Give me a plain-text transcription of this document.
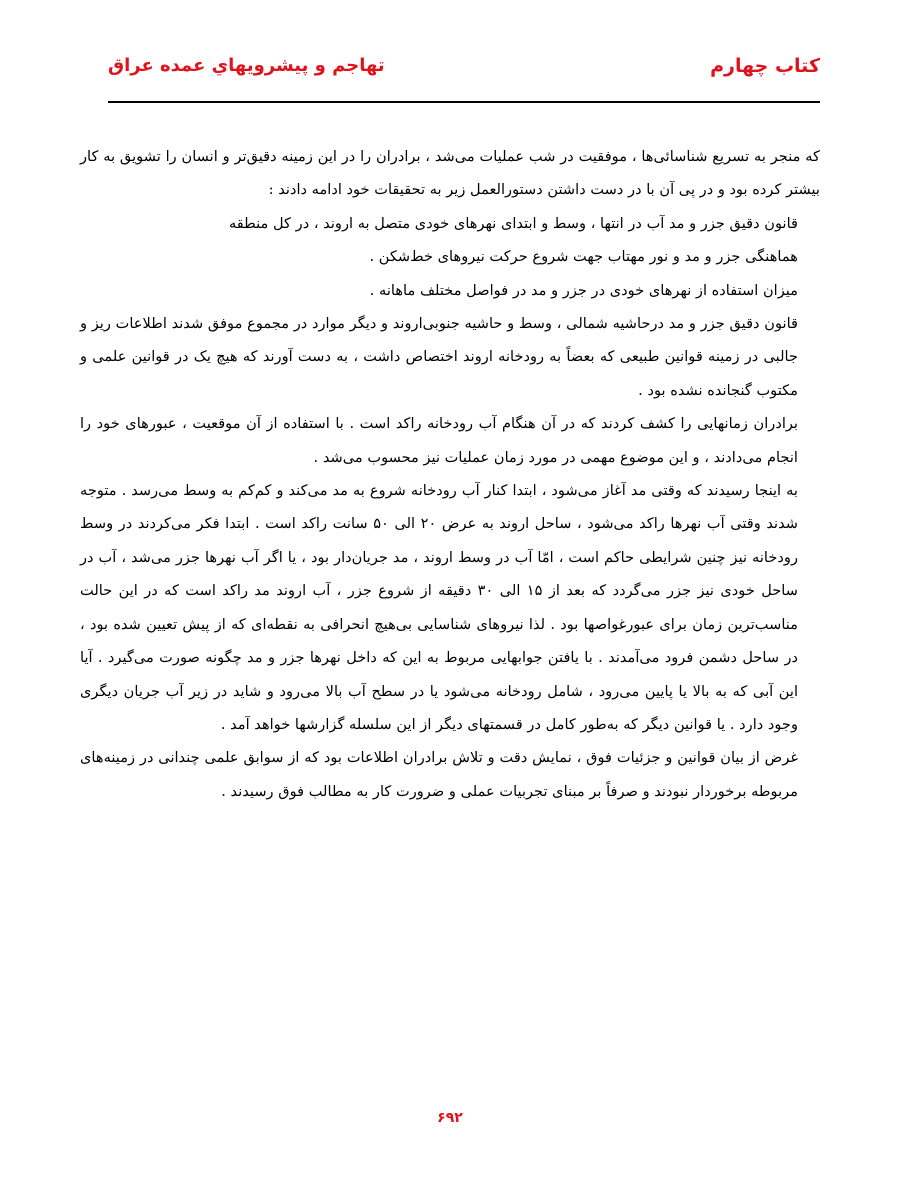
کتاب چهارم
تهاجم و پیشرویهاي عمده عراق

که منجر به تسریع شناسائی‌ها ، موفقیت در شب عملیات می‌شد ، برادران را در این زمینه دقیق‌تر و انسان را تشویق به کار بیشتر کرده بود و در پی آن با در دست داشتن دستورالعمل زیر به تحقیقات خود ادامه دادند :

قانون دقیق جزر و مد آب در انتها ، وسط و ابتدای نهرهای خودی متصل به اروند ، در کل منطقه

هماهنگی جزر و مد و نور مهتاب جهت شروع حرکت نیروهای خط‌شکن .

میزان استفاده از نهرهای خودی در جزر و مد در فواصل مختلف ماهانه .

قانون دقیق جزر و مد درحاشیه شمالی ، وسط و حاشیه جنوبی‌اروند و دیگر موارد در مجموع موفق شدند اطلاعات ریز و جالبی در زمینه قوانین طبیعی که بعضاً به رودخانه اروند اختصاص داشت ، به دست آورند که هیچ یک در قوانین علمی و مکتوب گنجانده نشده بود .

برادران زمانهایی را کشف کردند که در آن هنگام آب رودخانه راکد است . با استفاده از آن موقعیت ، عبورهای خود را انجام می‌دادند ، و این موضوع مهمی در مورد زمان عملیات نیز محسوب می‌شد .

به اینجا رسیدند که وقتی مد آغاز می‌شود ، ابتدا کنار آب رودخانه شروع به مد می‌کند و کم‌کم به وسط می‌رسد . متوجه شدند وقتی آب نهرها راکد می‌شود ، ساحل اروند به عرض ۲۰ الی ۵۰ سانت راکد است . ابتدا فکر می‌کردند در وسط رودخانه نیز چنین شرایطی حاکم است ، امّا آب در وسط اروند ، مد جریان‌دار بود ، یا اگر آب نهرها جزر می‌شد ، آب در ساحل خودی نیز جزر می‌گردد که بعد از ۱۵ الی ۳۰ دقیقه از شروع جزر ، آب اروند مد راکد است که در این حالت مناسب‌ترین زمان برای عبورغواصها بود . لذا نیروهای شناسایی بی‌هیچ انحرافی به نقطه‌ای که از پیش تعیین شده بود ، در ساحل دشمن فرود می‌آمدند . با یافتن جوابهایی مربوط به این که داخل نهرها جزر و مد چگونه صورت می‌گیرد . آیا این آبی که به بالا یا پایین می‌رود ، شامل رودخانه می‌شود یا در سطح آب بالا می‌رود و شاید در زیر آب جریان دیگری وجود دارد . یا قوانین دیگر که به‌طور کامل در قسمتهای دیگر از این سلسله گزارشها خواهد آمد .

غرض از بیان قوانین و جزئیات فوق ، نمایش دقت و تلاش برادران اطلاعات بود که از سوابق علمی چندانی در زمینه‌های مربوطه برخوردار نبودند و صرفاً بر مبنای تجربیات عملی و ضرورت کار به مطالب فوق رسیدند .

۶۹۲
